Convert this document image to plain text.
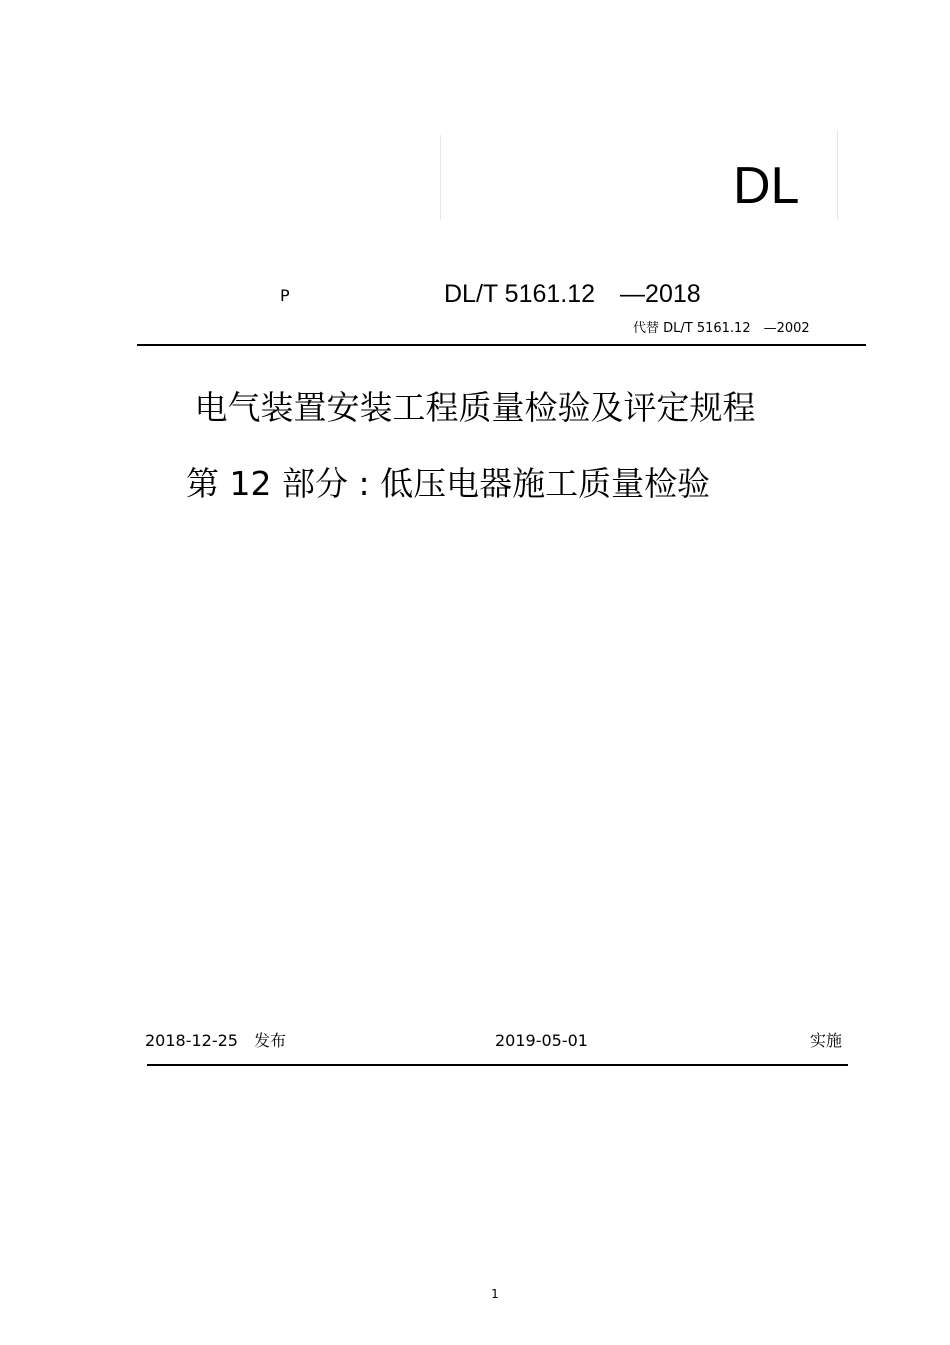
DL
P	DL/T 5161.12　—2018
代替 DL/T 5161.12　—2002
电气装置安装工程质量检验及评定规程
第 12 部分 : 低压电器施工质量检验
2018-12-25　发布	2019-05-01	实施
1
